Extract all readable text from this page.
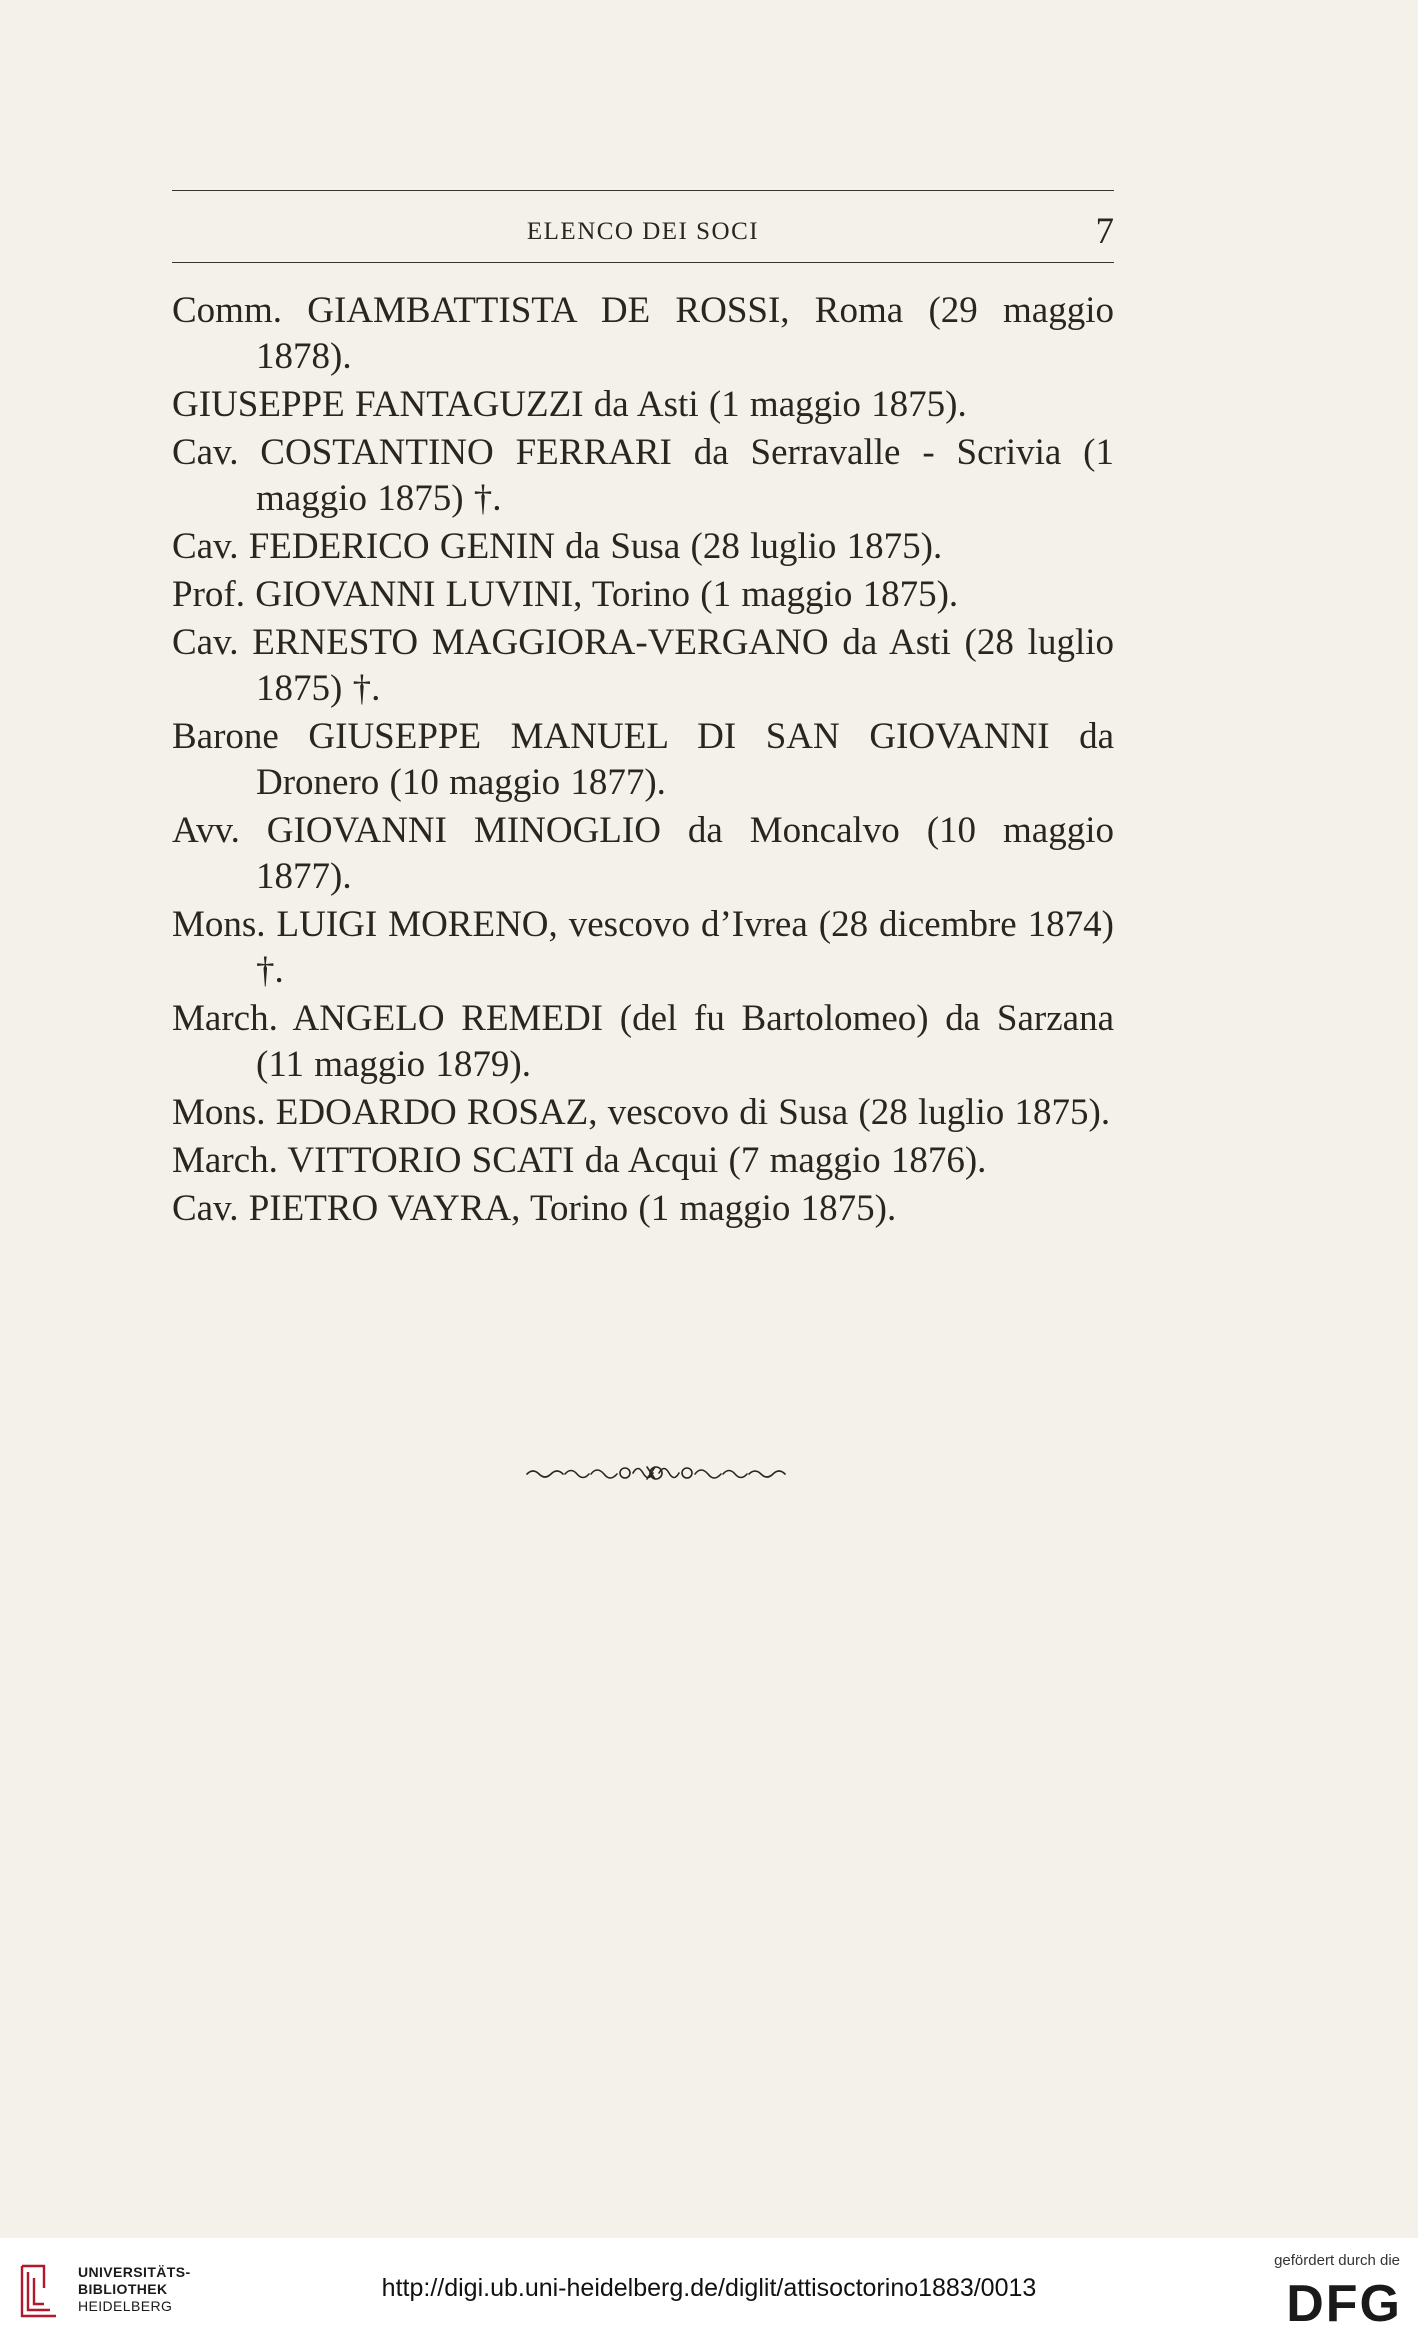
ELENCO DEI SOCI	7

Comm. GIAMBATTISTA DE ROSSI, Roma (29 maggio 1878).

GIUSEPPE FANTAGUZZI da Asti (1 maggio 1875).

Cav. COSTANTINO FERRARI da Serravalle - Scrivia (1 maggio 1875) †.

Cav. FEDERICO GENIN da Susa (28 luglio 1875).

Prof. GIOVANNI LUVINI, Torino (1 maggio 1875).

Cav. ERNESTO MAGGIORA-VERGANO da Asti (28 luglio 1875) †.

Barone GIUSEPPE MANUEL DI SAN GIOVANNI da Dronero (10 maggio 1877).

Avv. GIOVANNI MINOGLIO da Moncalvo (10 maggio 1877).

Mons. LUIGI MORENO, vescovo d’Ivrea (28 dicembre 1874) †.

March. ANGELO REMEDI (del fu Bartolomeo) da Sarzana (11 maggio 1879).

Mons. EDOARDO ROSAZ, vescovo di Susa (28 luglio 1875).

March. VITTORIO SCATI da Acqui (7 maggio 1876).

Cav. PIETRO VAYRA, Torino (1 maggio 1875).

UNIVERSITÄTS-
BIBLIOTHEK
HEIDELBERG
http://digi.ub.uni-heidelberg.de/diglit/attisoctorino1883/0013
gefördert durch die
DFG
